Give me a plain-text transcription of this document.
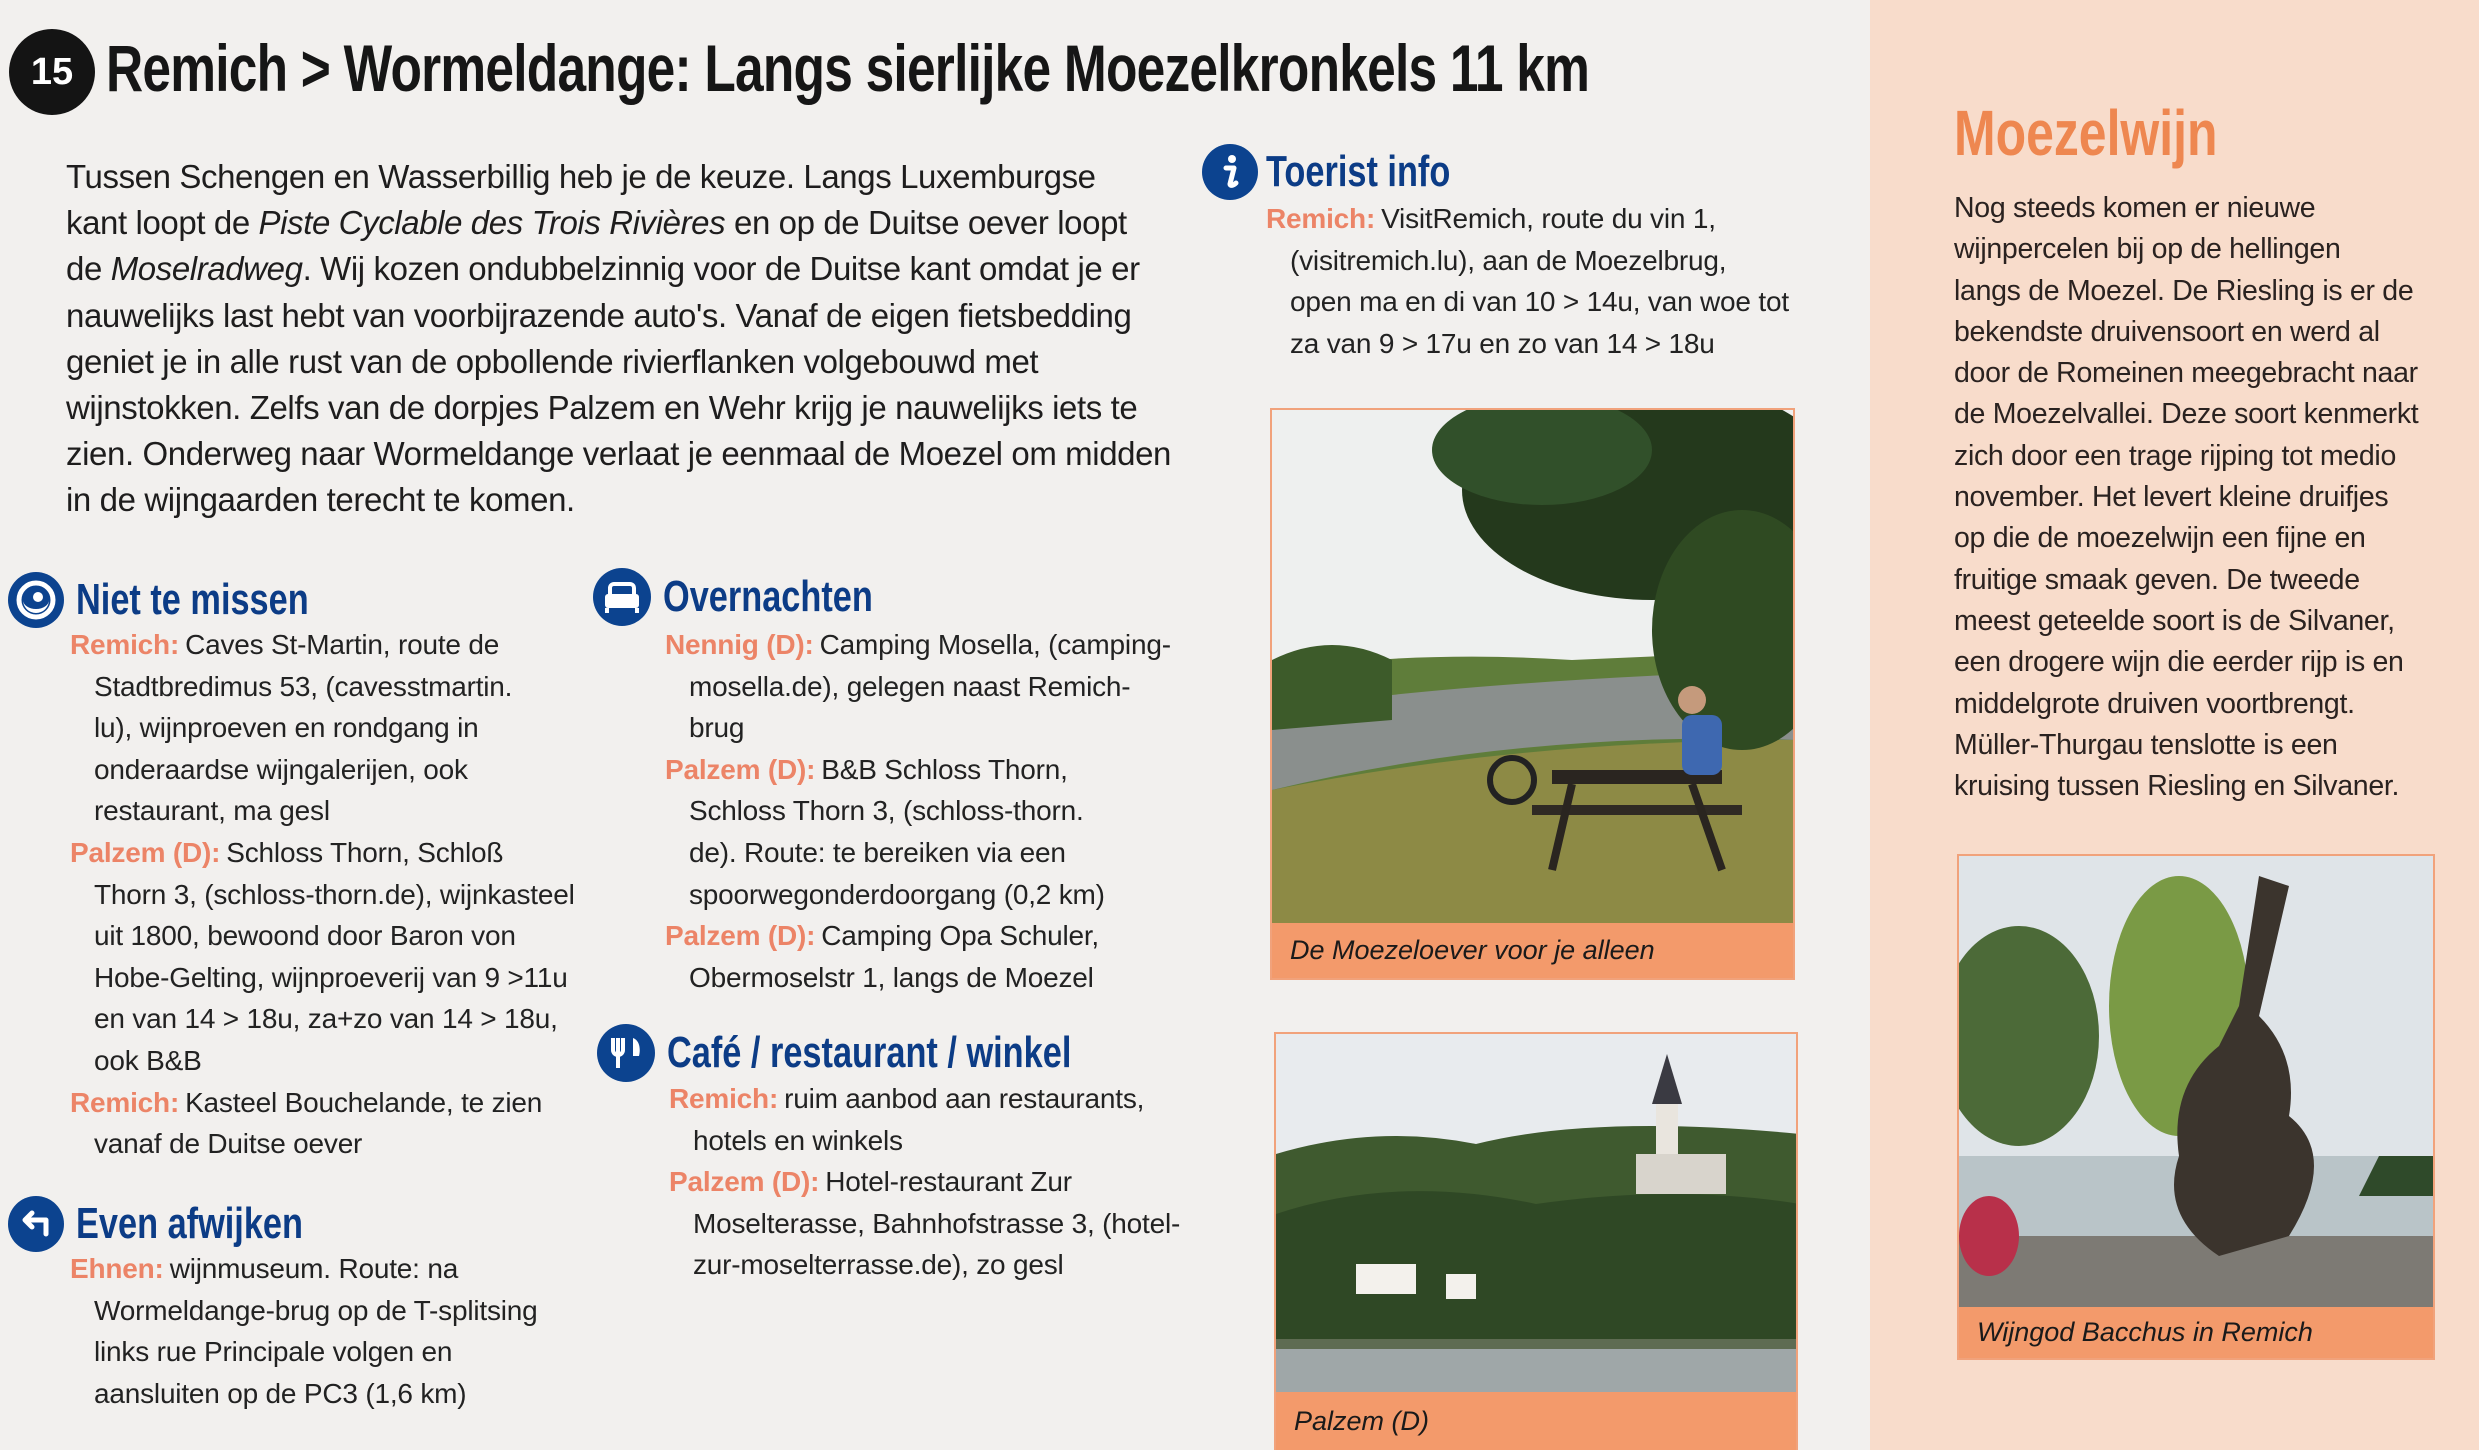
15 Remich > Wormeldange: Langs sierlijke Moezelkronkels 11 km
Tussen Schengen en Wasserbillig heb je de keuze. Langs Luxemburgse
kant loopt de Piste Cyclable des Trois Rivières en op de Duitse oever loopt
de Moselradweg. Wij kozen ondubbelzinnig voor de Duitse kant omdat je er
nauwelijks last hebt van voorbijrazende auto's. Vanaf de eigen fietsbedding
geniet je in alle rust van de opbollende rivierflanken volgebouwd met
wijnstokken. Zelfs van de dorpjes Palzem en Wehr krijg je nauwelijks iets te
zien. Onderweg naar Wormeldange verlaat je eenmaal de Moezel om midden
in de wijngaarden terecht te komen.
Niet te missen
Remich: Caves St-Martin, route de
Stadtbredimus 53, (cavesstmartin.
lu), wijnproeven en rondgang in
onderaardse wijngalerijen, ook
restaurant, ma gesl
Palzem (D): Schloss Thorn, Schloß
Thorn 3, (schloss-thorn.de), wijnkasteel
uit 1800, bewoond door Baron von
Hobe-Gelting, wijnproeverij van 9 >11u
en van 14 > 18u, za+zo van 14 > 18u,
ook B&B
Remich: Kasteel Bouchelande, te zien
vanaf de Duitse oever
Even afwijken
Ehnen: wijnmuseum. Route: na
Wormeldange-brug op de T-splitsing
links rue Principale volgen en
aansluiten op de PC3 (1,6 km)
Overnachten
Nennig (D): Camping Mosella, (camping-
mosella.de), gelegen naast Remich-
brug
Palzem (D): B&B Schloss Thorn,
Schloss Thorn 3, (schloss-thorn.
de). Route: te bereiken via een
spoorwegonderdoorgang (0,2 km)
Palzem (D): Camping Opa Schuler,
Obermoselstr 1, langs de Moezel
Café / restaurant / winkel
Remich: ruim aanbod aan restaurants,
hotels en winkels
Palzem (D): Hotel-restaurant Zur
Moselterasse, Bahnhofstrasse 3, (hotel-
zur-moselterrasse.de), zo gesl
Toerist info
Remich: VisitRemich, route du vin 1,
(visitremich.lu), aan de Moezelbrug,
open ma en di van 10 > 14u, van woe tot
za van 9 > 17u en zo van 14 > 18u
De Moezeloever voor je alleen
Palzem (D)
Moezelwijn
Nog steeds komen er nieuwe
wijnpercelen bij op de hellingen
langs de Moezel. De Riesling is er de
bekendste druivensoort en werd al
door de Romeinen meegebracht naar
de Moezelvallei. Deze soort kenmerkt
zich door een trage rijping tot medio
november. Het levert kleine druifjes
op die de moezelwijn een fijne en
fruitige smaak geven. De tweede
meest geteelde soort is de Silvaner,
een drogere wijn die eerder rijp is en
middelgrote druiven voortbrengt.
Müller-Thurgau tenslotte is een
kruising tussen Riesling en Silvaner.
Wijngod Bacchus in Remich
